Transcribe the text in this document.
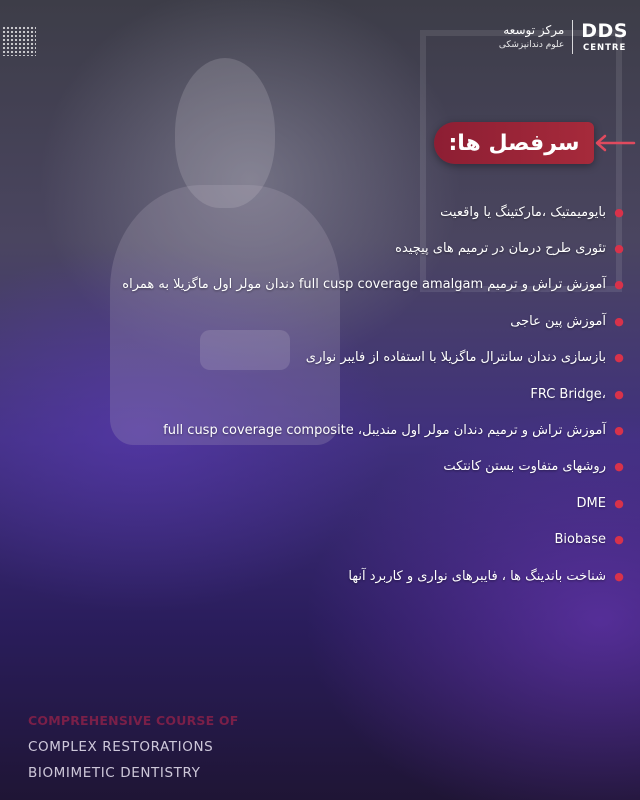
مرکز توسعه
علوم دندانپزشکی
DDS
CENTRE
سرفصل ها:
بایومیمتیک ،مارکتینگ یا واقعیت ●
تئوری طرح درمان در ترمیم های پیچیده ●
آموزش تراش و ترمیم full cusp coverage amalgam دندان مولر اول ماگزیلا به همراه ●
آموزش پین عاجی ●
بازسازی دندان سانترال ماگزیلا با استفاده از فایبر نواری ●
FRC Bridge، ●
آموزش تراش و ترمیم دندان مولر اول مندیبل، full cusp coverage composite ●
روشهای متفاوت بستن کانتکت ●
DME ●
Biobase ●
شناخت باندینگ ها ، فایبرهای نواری و کاربرد آنها ●
COMPREHENSIVE COURSE OF
COMPLEX RESTORATIONS
BIOMIMETIC DENTISTRY
